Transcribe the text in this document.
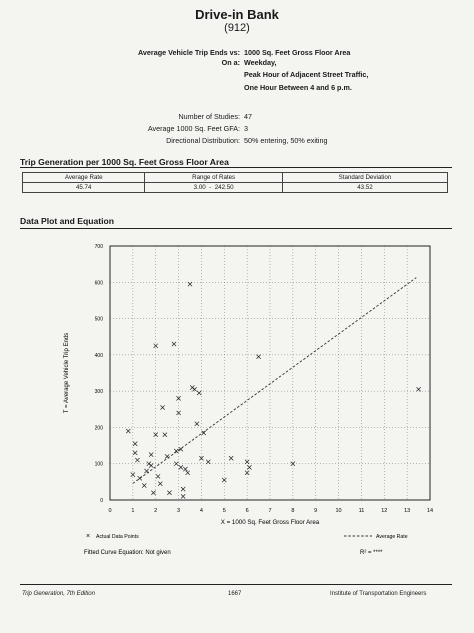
Drive-in Bank
(912)
Average Vehicle Trip Ends vs: 1000 Sq. Feet Gross Floor Area
On a: Weekday,
Peak Hour of Adjacent Street Traffic,
One Hour Between 4 and 6 p.m.
Number of Studies: 47
Average 1000 Sq. Feet GFA: 3
Directional Distribution: 50% entering, 50% exiting
Trip Generation per 1000 Sq. Feet Gross Floor Area
Average Rate	Range of Rates	Standard Deviation
45.74	3.00 - 242.50	43.52
Data Plot and Equation
0	1	2	3	4	5	6	7	8	9	10	11	12	13	14
0
100
200
300
400
500
600
700
X = 1000 Sq. Feet Gross Floor Area
T = Average Vehicle Trip Ends
× Actual Data Points	Average Rate
Fitted Curve Equation: Not given	R² = ****
Trip Generation, 7th Edition	1667	Institute of Transportation Engineers
